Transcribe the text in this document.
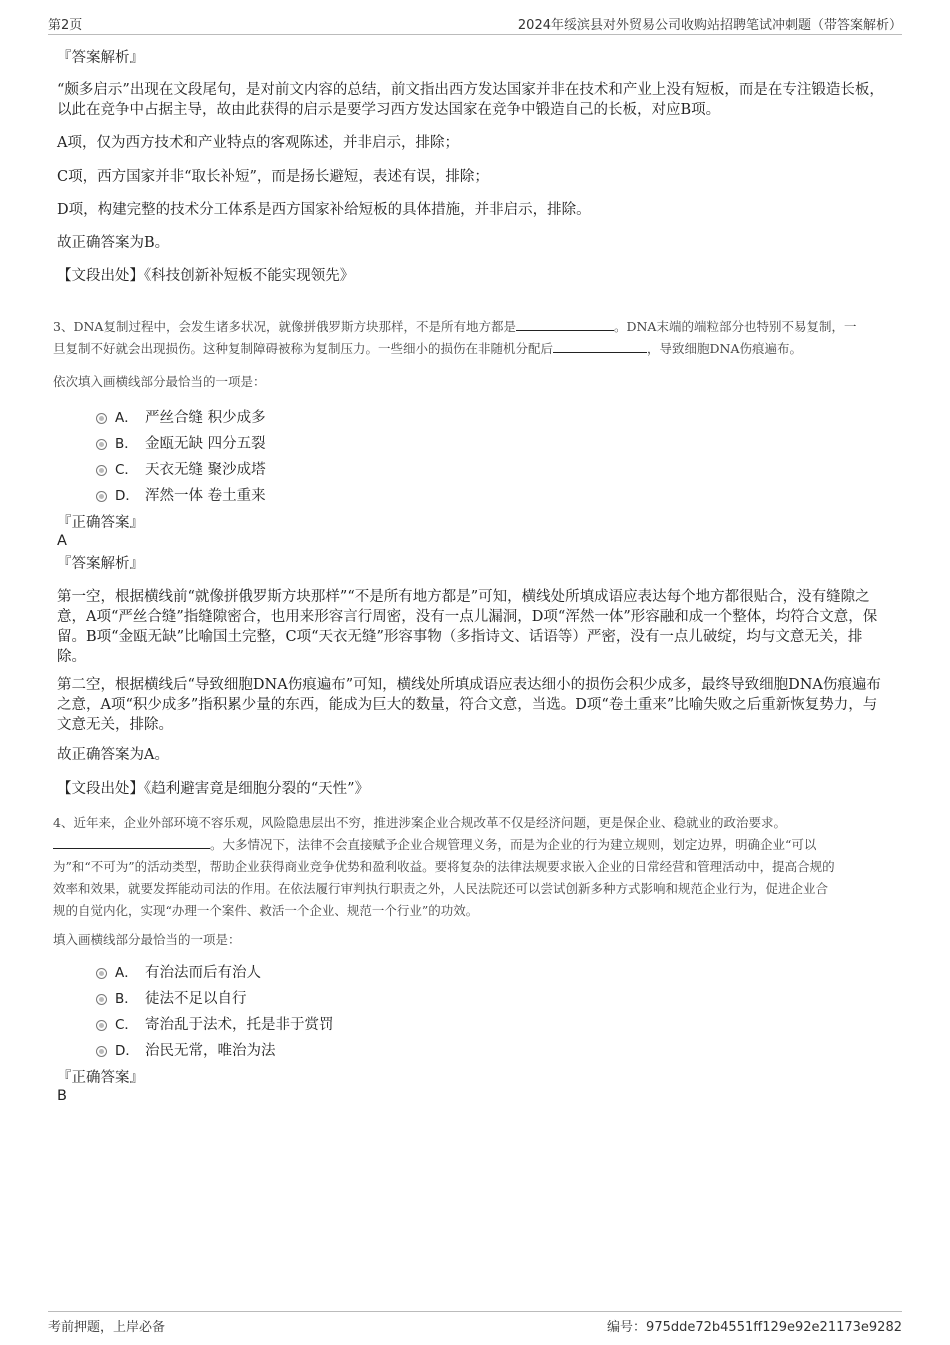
第2页	2024年绥滨县对外贸易公司收购站招聘笔试冲刺题（带答案解析）
『答案解析』
“颇多启示”出现在文段尾句，是对前文内容的总结，前文指出西方发达国家并非在技术和产业上没有短板，而是在专注锻造长板，以此在竞争中占据主导，故由此获得的启示是要学习西方发达国家在竞争中锻造自己的长板，对应B项。
A项，仅为西方技术和产业特点的客观陈述，并非启示，排除；
C项，西方国家并非“取长补短”，而是扬长避短，表述有误，排除；
D项，构建完整的技术分工体系是西方国家补给短板的具体措施，并非启示，排除。
故正确答案为B。
【文段出处】《科技创新补短板不能实现领先》
3、DNA复制过程中，会发生诸多状况，就像拼俄罗斯方块那样，不是所有地方都是	。DNA末端的端粒部分也特别不易复制，一
旦复制不好就会出现损伤。这种复制障碍被称为复制压力。一些细小的损伤在非随机分配后	，导致细胞DNA伤痕遍布。
依次填入画横线部分最恰当的一项是：
A． 严丝合缝 积少成多
B． 金瓯无缺 四分五裂
C． 天衣无缝 聚沙成塔
D． 浑然一体 卷土重来
『正确答案』
A
『答案解析』
第一空，根据横线前“就像拼俄罗斯方块那样”“不是所有地方都是”可知，横线处所填成语应表达每个地方都很贴合，没有缝隙之意，A项“严丝合缝”指缝隙密合，也用来形容言行周密，没有一点儿漏洞，D项“浑然一体”形容融和成一个整体，均符合文意，保留。B项“金瓯无缺”比喻国土完整，C项“天衣无缝”形容事物（多指诗文、话语等）严密，没有一点儿破绽，均与文意无关，排除。
第二空，根据横线后“导致细胞DNA伤痕遍布”可知，横线处所填成语应表达细小的损伤会积少成多，最终导致细胞DNA伤痕遍布之意，A项“积少成多”指积累少量的东西，能成为巨大的数量，符合文意，当选。D项“卷土重来”比喻失败之后重新恢复势力，与文意无关，排除。
故正确答案为A。
【文段出处】《趋利避害竟是细胞分裂的“天性”》
4、近年来，企业外部环境不容乐观，风险隐患层出不穷，推进涉案企业合规改革不仅是经济问题，更是保企业、稳就业的政治要求。
。大多情况下，法律不会直接赋予企业合规管理义务，而是为企业的行为建立规则，划定边界，明确企业“可以
为”和“不可为”的活动类型，帮助企业获得商业竞争优势和盈利收益。要将复杂的法律法规要求嵌入企业的日常经营和管理活动中，提高合规的
效率和效果，就要发挥能动司法的作用。在依法履行审判执行职责之外，人民法院还可以尝试创新多种方式影响和规范企业行为，促进企业合
规的自觉内化，实现“办理一个案件、救活一个企业、规范一个行业”的功效。
填入画横线部分最恰当的一项是：
A． 有治法而后有治人
B． 徒法不足以自行
C． 寄治乱于法术，托是非于赏罚
D． 治民无常，唯治为法
『正确答案』
B
考前押题，上岸必备	编号：975dde72b4551ff129e92e21173e9282
